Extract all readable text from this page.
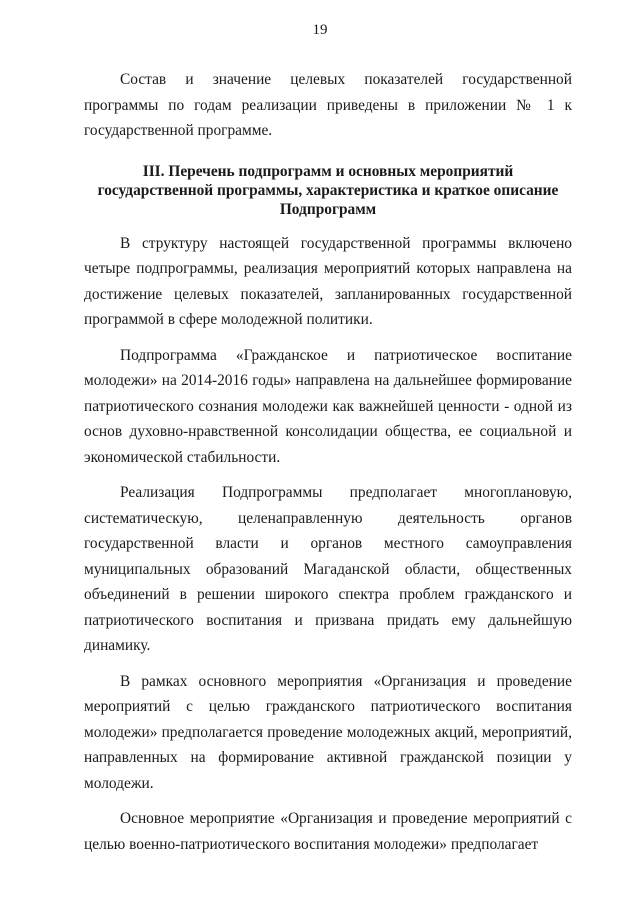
19

Состав и значение целевых показателей государственной программы по годам реализации приведены в приложении № 1 к государственной программе.

III. Перечень подпрограмм и основных мероприятий
государственной программы, характеристика и краткое описание
Подпрограмм

В структуру настоящей государственной программы включено четыре подпрограммы, реализация мероприятий которых направлена на достижение целевых показателей, запланированных государственной программой в сфере молодежной политики.

Подпрограмма «Гражданское и патриотическое воспитание молодежи» на 2014-2016 годы» направлена на дальнейшее формирование патриотического сознания молодежи как важнейшей ценности - одной из основ духовно-нравственной консолидации общества, ее социальной и экономической стабильности.

Реализация Подпрограммы предполагает многоплановую, систематическую, целенаправленную деятельность органов государственной власти и органов местного самоуправления муниципальных образований Магаданской области, общественных объединений в решении широкого спектра проблем гражданского и патриотического воспитания и призвана придать ему дальнейшую динамику.

В рамках основного мероприятия «Организация и проведение мероприятий с целью гражданского патриотического воспитания молодежи» предполагается проведение молодежных акций, мероприятий, направленных на формирование активной гражданской позиции у молодежи.

Основное мероприятие «Организация и проведение мероприятий с целью военно-патриотического воспитания молодежи» предполагает
